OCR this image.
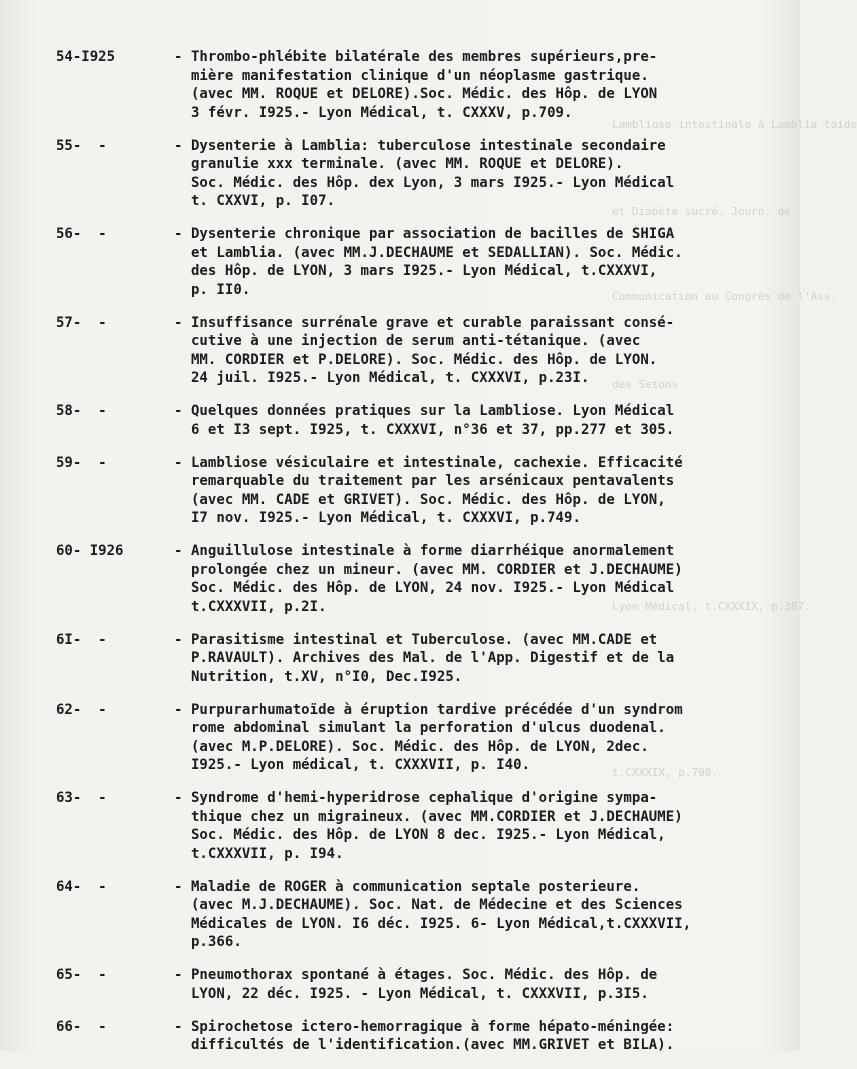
Lambliose intestinale à Lamblia toide
et Diabète sucré. Journ. de
Communication au Congrès de l'Ass.
des Setons
Lyon Médical, t.CXXXIX, p.387.
t.CXXXIX, p.790.
54-I925	- Thrombo-phlébite bilatérale des membres supérieurs,pre-
mière manifestation clinique d'un néoplasme gastrique.
(avec MM. ROQUE et DELORE).Soc. Médic. des Hôp. de LYON
3 févr. I925.- Lyon Médical, t. CXXXV, p.709.
55-  -	- Dysenterie à Lamblia: tuberculose intestinale secondaire
granulie xxx terminale. (avec MM. ROQUE et DELORE).
Soc. Médic. des Hôp. dex Lyon, 3 mars I925.- Lyon Médical
t. CXXVI, p. I07.
56-  -	- Dysenterie chronique par association de bacilles de SHIGA
et Lamblia. (avec MM.J.DECHAUME et SEDALLIAN). Soc. Médic.
des Hôp. de LYON, 3 mars I925.- Lyon Médical, t.CXXXVI,
p. II0.
57-  -	- Insuffisance surrénale grave et curable paraissant consé-
cutive à une injection de serum anti-tétanique. (avec
MM. CORDIER et P.DELORE). Soc. Médic. des Hôp. de LYON.
24 juil. I925.- Lyon Médical, t. CXXXVI, p.23I.
58-  -	- Quelques données pratiques sur la Lambliose. Lyon Médical
6 et I3 sept. I925, t. CXXXVI, n°36 et 37, pp.277 et 305.
59-  -	- Lambliose vésiculaire et intestinale, cachexie. Efficacité
remarquable du traitement par les arsénicaux pentavalents
(avec MM. CADE et GRIVET). Soc. Médic. des Hôp. de LYON,
I7 nov. I925.- Lyon Médical, t. CXXXVI, p.749.
60- I926	- Anguillulose intestinale à forme diarrhéique anormalement
prolongée chez un mineur. (avec MM. CORDIER et J.DECHAUME)
Soc. Médic. des Hôp. de LYON, 24 nov. I925.- Lyon Médical
t.CXXXVII, p.2I.
6I-  -	- Parasitisme intestinal et Tuberculose. (avec MM.CADE et
P.RAVAULT). Archives des Mal. de l'App. Digestif et de la
Nutrition, t.XV, n°I0, Dec.I925.
62-  -	- Purpurarhumatoïde à éruption tardive précédée d'un syndrom
rome abdominal simulant la perforation d'ulcus duodenal.
(avec M.P.DELORE). Soc. Médic. des Hôp. de LYON, 2dec.
I925.- Lyon médical, t. CXXXVII, p. I40.
63-  -	- Syndrome d'hemi-hyperidrose cephalique d'origine sympa-
thique chez un migraineux. (avec MM.CORDIER et J.DECHAUME)
Soc. Médic. des Hôp. de LYON 8 dec. I925.- Lyon Médical,
t.CXXXVII, p. I94.
64-  -	- Maladie de ROGER à communication septale posterieure.
(avec M.J.DECHAUME). Soc. Nat. de Médecine et des Sciences
Médicales de LYON. I6 déc. I925. 6- Lyon Médical,t.CXXXVII,
p.366.
65-  -	- Pneumothorax spontané à étages. Soc. Médic. des Hôp. de
LYON, 22 déc. I925. - Lyon Médical, t. CXXXVII, p.3I5.
66-  -	- Spirochetose ictero-hemorragique à forme hépato-méningée:
difficultés de l'identification.(avec MM.GRIVET et BILA).
